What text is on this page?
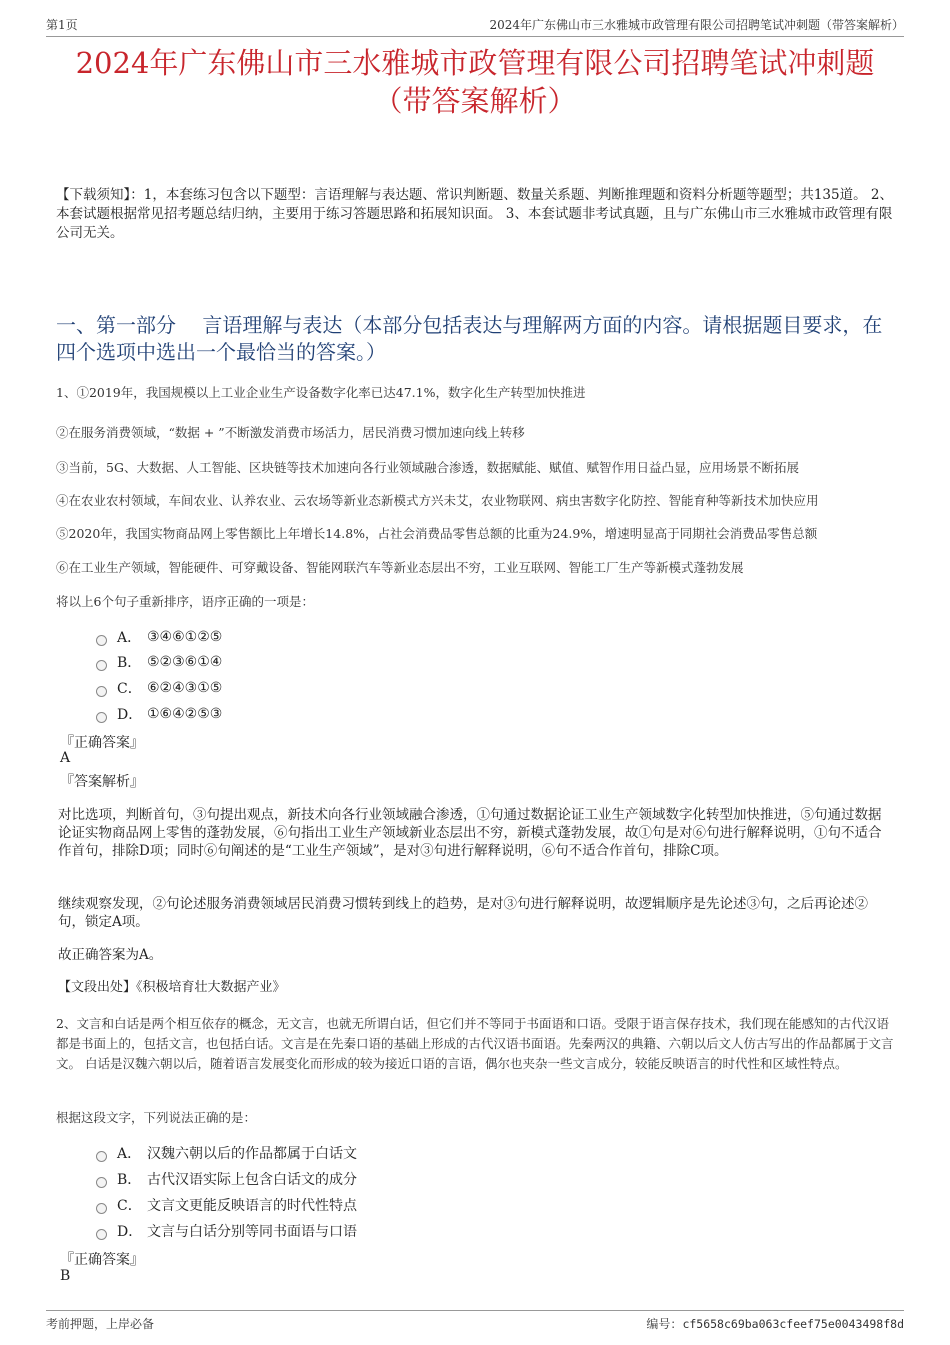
第1页	2024年广东佛山市三水雅城市政管理有限公司招聘笔试冲刺题（带答案解析）
2024年广东佛山市三水雅城市政管理有限公司招聘笔试冲刺题
（带答案解析）
【下载须知】：1，本套练习包含以下题型：言语理解与表达题、常识判断题、数量关系题、判断推理题和资料分析题等题型；共135道。 2、本套试题根据常见招考题总结归纳，主要用于练习答题思路和拓展知识面。 3、本套试题非考试真题，且与广东佛山市三水雅城市政管理有限公司无关。
一、第一部分　 言语理解与表达（本部分包括表达与理解两方面的内容。请根据题目要求，在四个选项中选出一个最恰当的答案。）
1、①2019年，我国规模以上工业企业生产设备数字化率已达47.1%，数字化生产转型加快推进
②在服务消费领域，“数据 + ”不断激发消费市场活力，居民消费习惯加速向线上转移
③当前，5G、大数据、人工智能、区块链等技术加速向各行业领域融合渗透，数据赋能、赋值、赋智作用日益凸显，应用场景不断拓展
④在农业农村领域，车间农业、认养农业、云农场等新业态新模式方兴未艾，农业物联网、病虫害数字化防控、智能育种等新技术加快应用
⑤2020年，我国实物商品网上零售额比上年增长14.8%，占社会消费品零售总额的比重为24.9%，增速明显高于同期社会消费品零售总额
⑥在工业生产领域，智能硬件、可穿戴设备、智能网联汽车等新业态层出不穷，工业互联网、智能工厂生产等新模式蓬勃发展
将以上6个句子重新排序，语序正确的一项是：
A． ③④⑥①②⑤
B． ⑤②③⑥①④
C． ⑥②④③①⑤
D． ①⑥④②⑤③
『正确答案』
A
『答案解析』
对比选项，判断首句，③句提出观点，新技术向各行业领域融合渗透，①句通过数据论证工业生产领域数字化转型加快推进，⑤句通过数据论证实物商品网上零售的蓬勃发展，⑥句指出工业生产领域新业态层出不穷，新模式蓬勃发展，故①句是对⑥句进行解释说明，①句不适合作首句，排除D项；同时⑥句阐述的是“工业生产领域”，是对③句进行解释说明，⑥句不适合作首句，排除C项。
继续观察发现，②句论述服务消费领域居民消费习惯转到线上的趋势，是对③句进行解释说明，故逻辑顺序是先论述③句，之后再论述②句，锁定A项。
故正确答案为A。
【文段出处】《积极培育壮大数据产业》
2、文言和白话是两个相互依存的概念，无文言，也就无所谓白话，但它们并不等同于书面语和口语。受限于语言保存技术，我们现在能感知的古代汉语都是书面上的，包括文言，也包括白话。文言是在先秦口语的基础上形成的古代汉语书面语。先秦两汉的典籍、六朝以后文人仿古写出的作品都属于文言文。 白话是汉魏六朝以后，随着语言发展变化而形成的较为接近口语的言语，偶尔也夹杂一些文言成分，较能反映语言的时代性和区域性特点。
根据这段文字，下列说法正确的是：
A． 汉魏六朝以后的作品都属于白话文
B． 古代汉语实际上包含白话文的成分
C． 文言文更能反映语言的时代性特点
D． 文言与白话分别等同书面语与口语
『正确答案』
B
考前押题，上岸必备	编号：cf5658c69ba063cfeef75e0043498f8d
